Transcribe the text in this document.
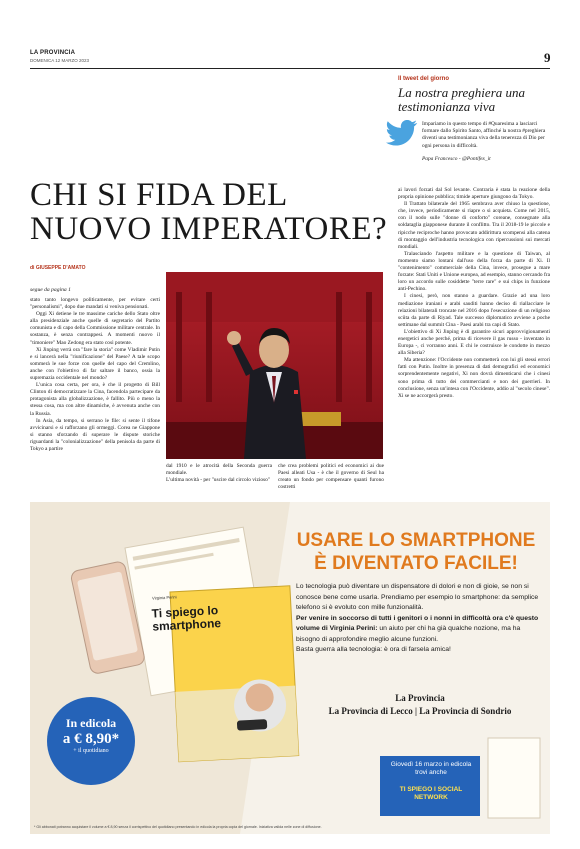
LA PROVINCIA
DOMENICA 12 MARZO 2023	9
Il tweet del giorno
La nostra preghiera una testimonianza viva
Impariamo in questo tempo di #Quaresima a lasciarci formare dallo Spirito Santo, affinché la nostra #preghiera diventi una testimonianza viva della tenerezza di Dio per ogni persona in difficoltà.
Papa Francesco - @Pontifex_it
CHI SI FIDA DEL NUOVO IMPERATORE?
di GIUSEPPE D'AMATO
segue da pagina 1

stato tanto longevo politicamente, per evitare certi "personalismi", dopo due mandati si veniva pensionati.

Oggi Xi detiene le tre massime cariche dello Stato oltre alla presidenziale anche quelle di segretario del Partito comunista e di capo della Commissione militare centrale. In sostanza, è senza contrappesi. A momenti nuovo il "timoniere" Mao Zedong era stato così potente.

Xi Jinping verrà ora "fare la storia" come Vladimir Putin e si lancerà nella "riunificazione" del Paese? A tale scopo sommerà le sue forze con quelle del capo del Cremlino, anche con l'obiettivo di far saltare il banco, ossia la supremazia occidentale nel mondo?

L'unica cosa certa, per ora, è che il progetto di Bill Clinton di democratizzare la Cina, facendola partecipare da protagonista alla globalizzazione, è fallito. Più o meno la stessa cosa, ma con altre dinamiche, è avvenuta anche con la Russia.

In Asia, da tempo, si serrano le file: si sente il tifone avvicinarsi e si rafforzano gli ormeggi. Corea ne Giappone si stanno sforzando di superare le dispute storiche riguardanti la "colonializzazione" della penisola da parte di Tokyo a partire

dal 1910 e le atrocità della Seconda guerra mondiale.
L'ultima novità - per "uscire dal circolo vizioso"
che crea problemi politici ed economici ai due Paesi alleati Usa - è che il governo di Seul ha creato un fondo per compensare quanti furono costretti

ai lavori forzati dal Sol levante. Contraria è stata la reazione della propria opinione pubblica; timide aperture giungono da Tokyo.

Il Trattato bilaterale del 1965 sembrava aver chiuso la questione, che, invece, periodicamente si riapre o si acquieta. Come nel 2015, con il nodo sulle "donne di conforto" coreane, consegnate alla soldataglia giapponese durante il conflitto. Tra il 2018-19 le piccole e ripicche reciproche hanno provocato addirittura scompensi alla catena di montaggio dell'industria tecnologica con ripercussioni sui mercati mondiali.

Tralasciando l'aspetto militare e la questione di Taiwan, al momento siamo lontani dall'uso della forza da parte di Xi. Il "contenimento" commerciale della Cina, invece, prosegue a mare forzate: Stati Uniti e Unione europea, ad esempio, stanno cercando fra loro un accordo sulle cosiddette "terre rare" e sui chips in funzione anti-Pechino.

I cinesi, però, non stanno a guardare. Grazie ad una loro mediazione iraniani e arabi sauditi hanno deciso di riallacciare le relazioni bilaterali troncate nel 2016 dopo l'esecuzione di un religioso sciita da parte di Riyad. Tale successo diplomatico avviene a poche settimane dal summit Cina - Paesi arabi tra capi di Stato.

L'obiettivo di Xi Jinping è di garantire sicuri approvvigionamenti energetici anche perché, prima di ricevere il gas russo - inventato in Europa -, ci vorranno anni. E chi le costruisce le condotte in mezzo alla Siberia?

Ma attenzione: l'Occidente non commetterà con lui gli stessi errori fatti con Putin. Inoltre in presenza di dati demografici ed economici sorprendentemente negativi, Xi non dovrà dimenticarsi che i cinesi sono prima di tutto dei commercianti e non dei guerrieri. In conclusione, senza un'intesa con l'Occidente, addio al "secolo cinese". Xi se ne accorgerà presto.

Ti spiego lo
smartphone
Virginia Perini
USARE LO SMARTPHONE
È DIVENTATO FACILE!

Lo tecnologia può diventare un dispensatore di dolori e non di gioie, se non si conosce bene come usarla. Prendiamo per esempio lo smartphone: da semplice telefono si è evoluto con mille funzionalità.

Per venire in soccorso di tutti i genitori o i nonni in difficoltà ora c'è questo volume di Virginia Perini: un aiuto per chi ha già qualche nozione, ma ha bisogno di approfondire meglio alcune funzioni.

Basta guerra alla tecnologia: è ora di farsela amica!

La Provincia
La Provincia di Lecco | La Provincia di Sondrio
In edicola
a € 8,90*
+ il quotidiano
Giovedì 16 marzo in edicola trovi anche
TI SPIEGO I SOCIAL NETWORK
* Gli abbonati potranno acquistare il volume a € 8,90 senza il corrispettivo del quotidiano presentando in edicola la propria copia del giornale. Iniziativa valida nelle zone di diffusione.
